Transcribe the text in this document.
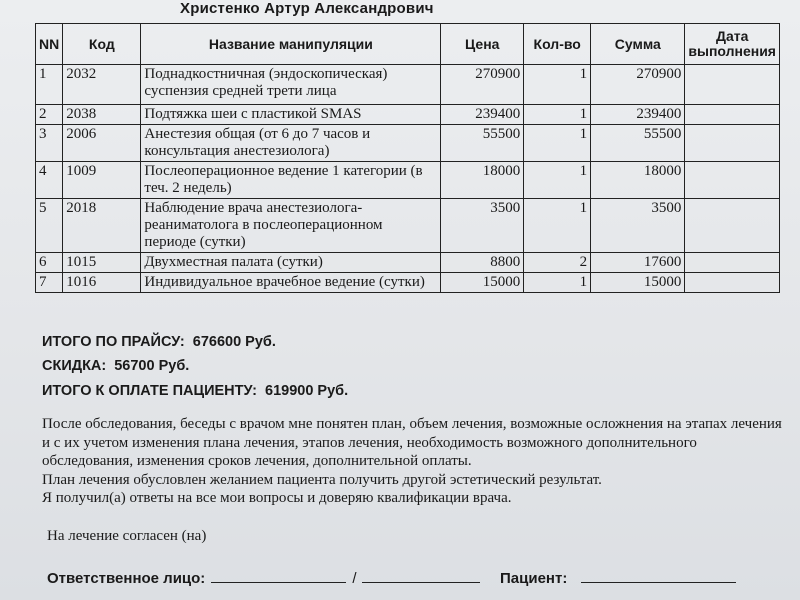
Христенко Артур Александрович
NN	Код	Название манипуляции	Цена	Кол-во	Сумма	Дата
выполнения
1	2032	Поднадкостничная (эндоскопическая) суспензия средней трети лица	270900	1	270900	
2	2038	Подтяжка шеи с пластикой SMAS	239400	1	239400	
3	2006	Анестезия общая (от 6 до 7 часов и консультация анестезиолога)	55500	1	55500	
4	1009	Послеоперационное ведение 1 категории (в теч. 2 недель)	18000	1	18000	
5	2018	Наблюдение врача анестезиолога-реаниматолога в послеоперационном периоде (сутки)	3500	1	3500	
6	1015	Двухместная палата (сутки)	8800	2	17600	
7	1016	Индивидуальное врачебное ведение (сутки)	15000	1	15000	
ИТОГО ПО ПРАЙСУ: 676600 Руб.
СКИДКА: 56700 Руб.
ИТОГО К ОПЛАТЕ ПАЦИЕНТУ: 619900 Руб.

После обследования, беседы с врачом мне понятен план, объем лечения, возможные осложнения на этапах лечения и с их учетом изменения плана лечения, этапов лечения, необходимость возможного дополнительного обследования, изменения сроков лечения, дополнительной оплаты.

План лечения обусловлен желанием пациента получить другой эстетический результат.

Я получил(а) ответы на все мои вопросы и доверяю квалификации врача.

На лечение согласен (на)
Ответственное лицо:	/	Пациент:
